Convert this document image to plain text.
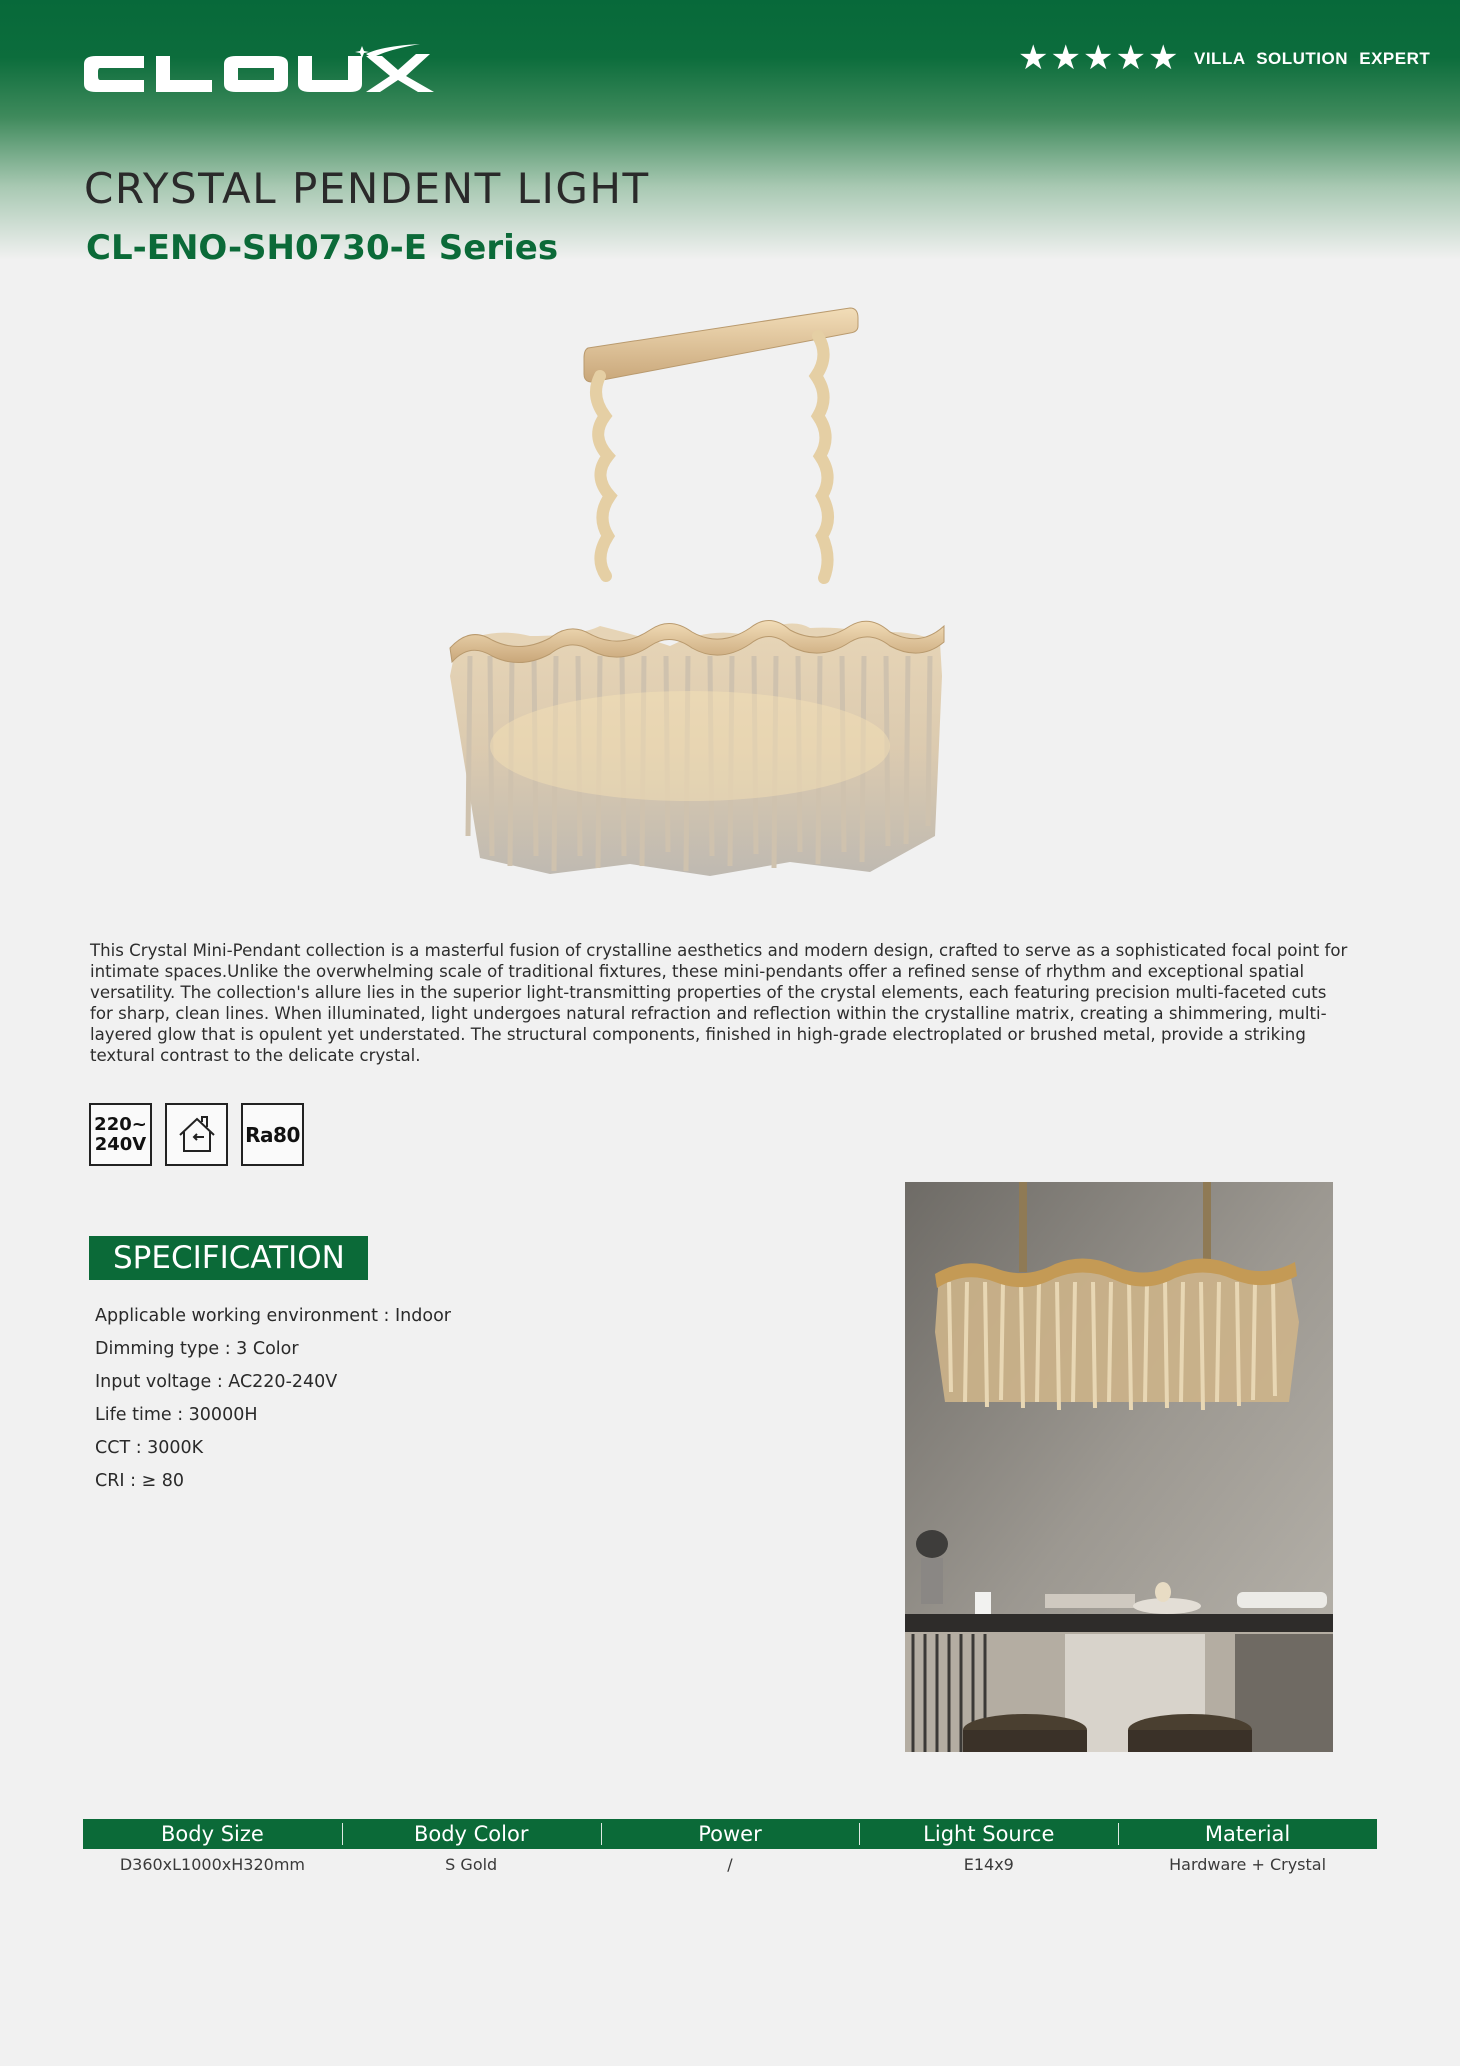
★ ★ ★ ★ ★ VILLA SOLUTION EXPERT
CRYSTAL PENDENT LIGHT
CL-ENO-SH0730-E Series

This Crystal Mini-Pendant collection is a masterful fusion of crystalline aesthetics and modern design, crafted to serve as a sophisticated focal point for intimate spaces.Unlike the overwhelming scale of traditional fixtures, these mini-pendants offer a refined sense of rhythm and exceptional spatial versatility. The collection's allure lies in the superior light-transmitting properties of the crystal elements, each featuring precision multi-faceted cuts for sharp, clean lines. When illuminated, light undergoes natural refraction and reflection within the crystalline matrix, creating a shimmering, multi-layered glow that is opulent yet understated. The structural components, finished in high-grade electroplated or brushed metal, provide a striking textural contrast to the delicate crystal.

220~
240V	Ra80
SPECIFICATION
Applicable working environment : Indoor
Dimming type : 3 Color
Input voltage : AC220-240V
Life time : 30000H
CCT : 3000K
CRI : ≥ 80
Body Size	Body Color	Power	Light Source	Material
D360xL1000xH320mm	S Gold	/	E14x9	Hardware + Crystal
